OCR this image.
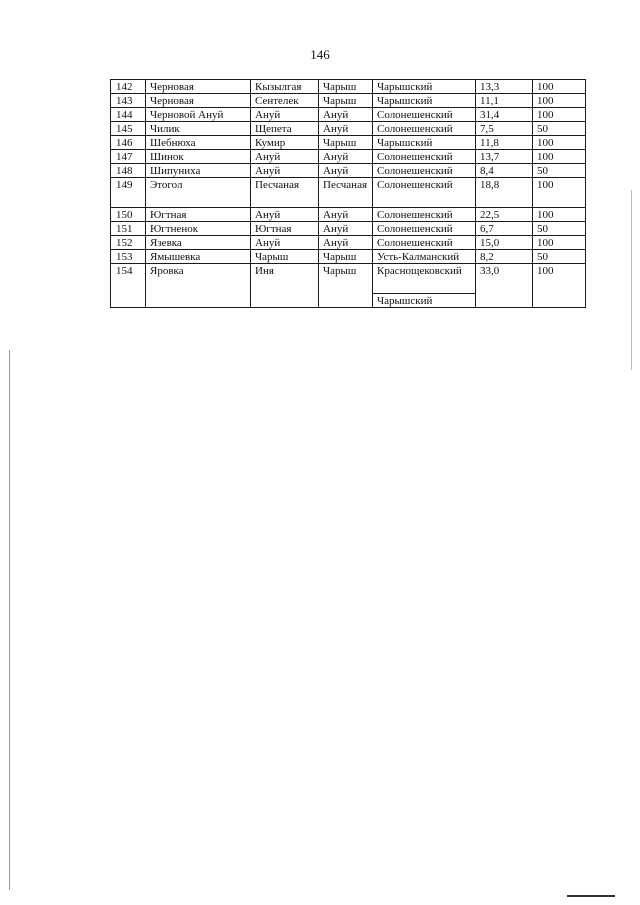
146
142	Черновая	Кызылгая	Чарыш	Чарышский	13,3	100
143	Черновая	Сентелек	Чарыш	Чарышский	11,1	100
144	Черновой Ануй	Ануй	Ануй	Солонешенский	31,4	100
145	Чилик	Щепета	Ануй	Солонешенский	7,5	50
146	Шебнюха	Кумир	Чарыш	Чарышский	11,8	100
147	Шинок	Ануй	Ануй	Солонешенский	13,7	100
148	Шипуниха	Ануй	Ануй	Солонешенский	8,4	50
149	Этогол	Песчаная	Песчаная	Солонешенский	18,8	100
150	Югтная	Ануй	Ануй	Солонешенский	22,5	100
151	Югтненок	Югтная	Ануй	Солонешенский	6,7	50
152	Язевка	Ануй	Ануй	Солонешенский	15,0	100
153	Ямышевка	Чарыш	Чарыш	Усть-Калманский	8,2	50
154	Яровка	Иня	Чарыш	Краснощековский	33,0	100
				Чарышский		
